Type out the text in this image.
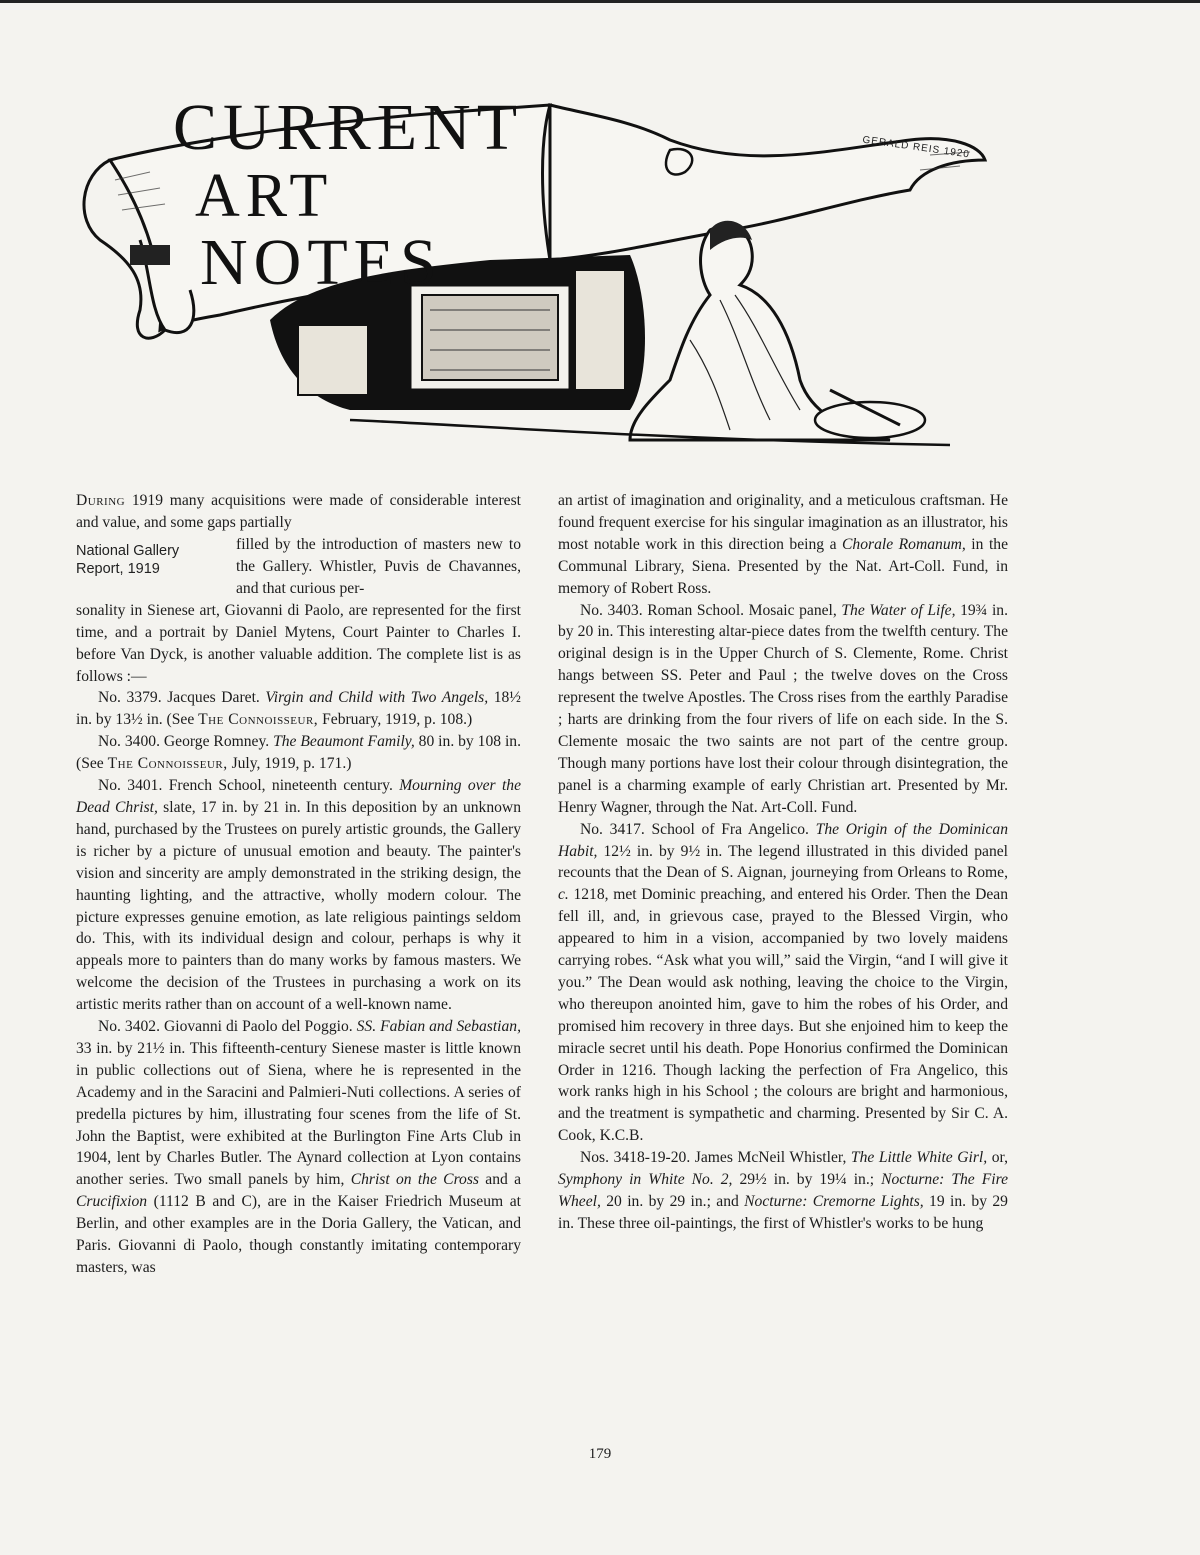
CURRENT
ART
NOTES
GERALD REIS 1920

During 1919 many acquisitions were made of considerable interest and value, and some gaps partially

National Gallery
Report, 1919
filled by the introduction of masters new to the Gallery. Whistler, Puvis de Chavannes, and that curious per-

sonality in Sienese art, Giovanni di Paolo, are represented for the first time, and a portrait by Daniel Mytens, Court Painter to Charles I. before Van Dyck, is another valuable addition. The complete list is as follows :—

No. 3379. Jacques Daret. Virgin and Child with Two Angels, 18½ in. by 13½ in. (See The Connoisseur, February, 1919, p. 108.)

No. 3400. George Romney. The Beaumont Family, 80 in. by 108 in. (See The Connoisseur, July, 1919, p. 171.)

No. 3401. French School, nineteenth century. Mourning over the Dead Christ, slate, 17 in. by 21 in. In this deposition by an unknown hand, purchased by the Trustees on purely artistic grounds, the Gallery is richer by a picture of unusual emotion and beauty. The painter's vision and sincerity are amply demonstrated in the striking design, the haunting lighting, and the attractive, wholly modern colour. The picture expresses genuine emotion, as late religious paintings seldom do. This, with its individual design and colour, perhaps is why it appeals more to painters than do many works by famous masters. We welcome the decision of the Trustees in purchasing a work on its artistic merits rather than on account of a well-known name.

No. 3402. Giovanni di Paolo del Poggio. SS. Fabian and Sebastian, 33 in. by 21½ in. This fifteenth-century Sienese master is little known in public collections out of Siena, where he is represented in the Academy and in the Saracini and Palmieri-Nuti collections. A series of predella pictures by him, illustrating four scenes from the life of St. John the Baptist, were exhibited at the Burlington Fine Arts Club in 1904, lent by Charles Butler. The Aynard collection at Lyon contains another series. Two small panels by him, Christ on the Cross and a Crucifixion (1112 B and C), are in the Kaiser Friedrich Museum at Berlin, and other examples are in the Doria Gallery, the Vatican, and Paris. Giovanni di Paolo, though constantly imitating contemporary masters, was

an artist of imagination and originality, and a meticulous craftsman. He found frequent exercise for his singular imagination as an illustrator, his most notable work in this direction being a Chorale Romanum, in the Communal Library, Siena. Presented by the Nat. Art-Coll. Fund, in memory of Robert Ross.

No. 3403. Roman School. Mosaic panel, The Water of Life, 19¾ in. by 20 in. This interesting altar-piece dates from the twelfth century. The original design is in the Upper Church of S. Clemente, Rome. Christ hangs between SS. Peter and Paul ; the twelve doves on the Cross represent the twelve Apostles. The Cross rises from the earthly Paradise ; harts are drinking from the four rivers of life on each side. In the S. Clemente mosaic the two saints are not part of the centre group. Though many portions have lost their colour through disintegration, the panel is a charming example of early Christian art. Presented by Mr. Henry Wagner, through the Nat. Art-Coll. Fund.

No. 3417. School of Fra Angelico. The Origin of the Dominican Habit, 12½ in. by 9½ in. The legend illustrated in this divided panel recounts that the Dean of S. Aignan, journeying from Orleans to Rome, c. 1218, met Dominic preaching, and entered his Order. Then the Dean fell ill, and, in grievous case, prayed to the Blessed Virgin, who appeared to him in a vision, accompanied by two lovely maidens carrying robes. “Ask what you will,” said the Virgin, “and I will give it you.” The Dean would ask nothing, leaving the choice to the Virgin, who thereupon anointed him, gave to him the robes of his Order, and promised him recovery in three days. But she enjoined him to keep the miracle secret until his death. Pope Honorius confirmed the Dominican Order in 1216. Though lacking the perfection of Fra Angelico, this work ranks high in his School ; the colours are bright and harmonious, and the treatment is sympathetic and charming. Presented by Sir C. A. Cook, K.C.B.

Nos. 3418-19-20. James McNeil Whistler, The Little White Girl, or, Symphony in White No. 2, 29½ in. by 19¼ in.; Nocturne: The Fire Wheel, 20 in. by 29 in.; and Nocturne: Cremorne Lights, 19 in. by 29 in. These three oil-paintings, the first of Whistler's works to be hung

179
